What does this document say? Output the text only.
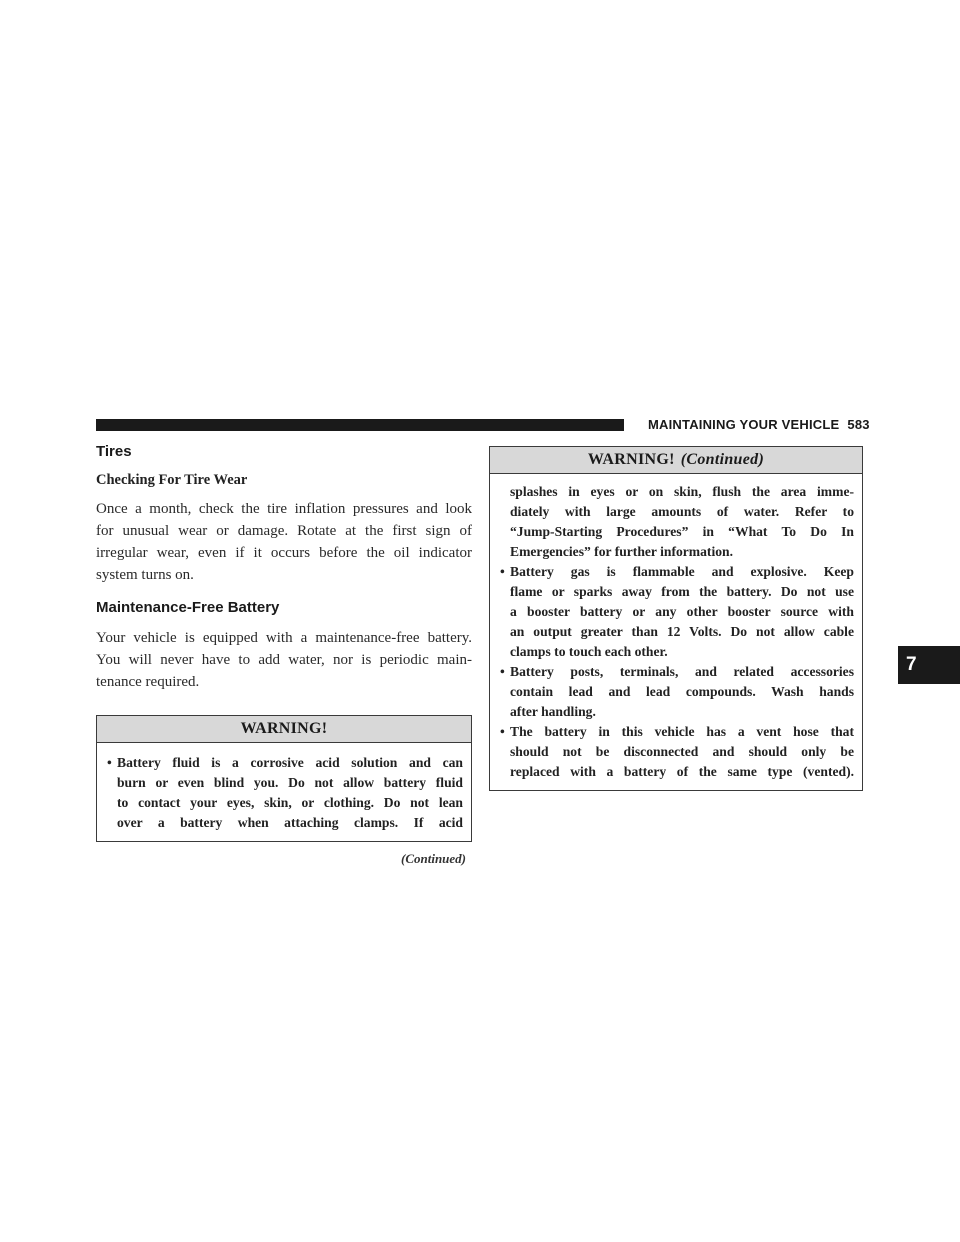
MAINTAINING YOUR VEHICLE 583
Tires
Checking For Tire Wear
Once a month, check the tire inflation pressures and look
for unusual wear or damage. Rotate at the first sign of
irregular wear, even if it occurs before the oil indicator
system turns on.
Maintenance-Free Battery
Your vehicle is equipped with a maintenance-free battery.
You will never have to add water, nor is periodic main-
tenance required.
WARNING!
• Battery fluid is a corrosive acid solution and can
burn or even blind you. Do not allow battery fluid
to contact your eyes, skin, or clothing. Do not lean
over a battery when attaching clamps. If acid
(Continued)
WARNING! (Continued)
splashes in eyes or on skin, flush the area imme-
diately with large amounts of water. Refer to
“Jump-Starting Procedures” in “What To Do In
Emergencies” for further information.
• Battery gas is flammable and explosive. Keep
flame or sparks away from the battery. Do not use
a booster battery or any other booster source with
an output greater than 12 Volts. Do not allow cable
clamps to touch each other.
• Battery posts, terminals, and related accessories
contain lead and lead compounds. Wash hands
after handling.
• The battery in this vehicle has a vent hose that
should not be disconnected and should only be
replaced with a battery of the same type (vented).
7
